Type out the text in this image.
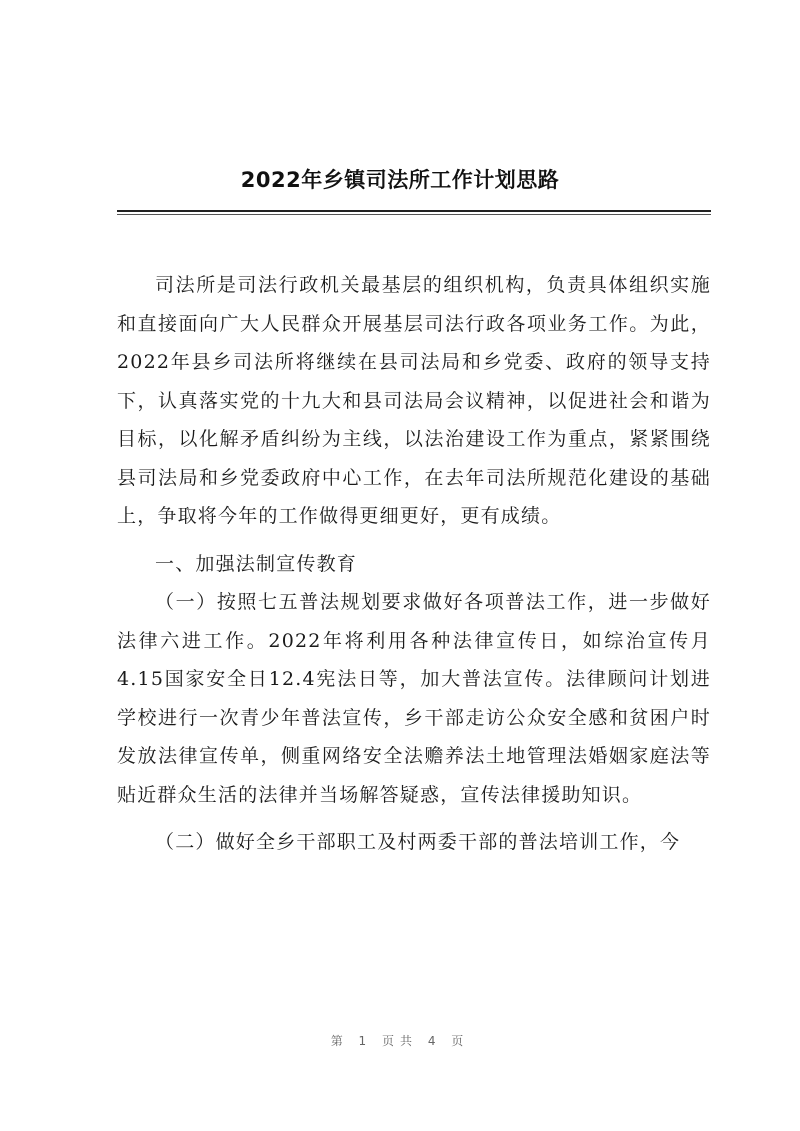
2022年乡镇司法所工作计划思路

司法所是司法行政机关最基层的组织机构，负责具体组织实施和直接面向广大人民群众开展基层司法行政各项业务工作。为此，2022年县乡司法所将继续在县司法局和乡党委、政府的领导支持下，认真落实党的十九大和县司法局会议精神，以促进社会和谐为目标，以化解矛盾纠纷为主线，以法治建设工作为重点，紧紧围绕县司法局和乡党委政府中心工作，在去年司法所规范化建设的基础上，争取将今年的工作做得更细更好，更有成绩。

一、加强法制宣传教育

（一）按照七五普法规划要求做好各项普法工作，进一步做好法律六进工作。2022年将利用各种法律宣传日，如综治宣传月4.15国家安全日12.4宪法日等，加大普法宣传。法律顾问计划进学校进行一次青少年普法宣传，乡干部走访公众安全感和贫困户时发放法律宣传单，侧重网络安全法赡养法土地管理法婚姻家庭法等贴近群众生活的法律并当场解答疑惑，宣传法律援助知识。

（二）做好全乡干部职工及村两委干部的普法培训工作，今

第 1 页共 4 页
